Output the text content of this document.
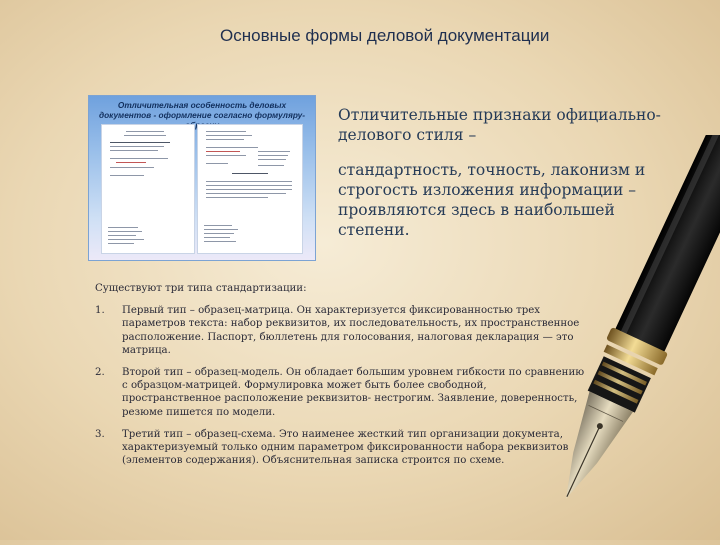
Основные формы деловой документации
Отличительная особенность деловых документов - оформление согласно формуляру- Отличительные признаки официально-делового стиля –
стандартность, точность, лаконизм и строгость изложения информации – проявляются здесь в наибольшей степени.
Существуют три типа стандартизации:
1. Первый тип – образец-матрица. Он характеризуется фиксированностью трех параметров текста: набор реквизитов, их последовательность, их пространственное расположение. Паспорт, бюллетень для голосования, налоговая декларация — это матрица.
2. Второй тип – образец-модель. Он обладает большим уровнем гибкости по сравнению с образцом-матрицей. Формулировка может быть более свободной, пространственное расположение реквизитов- нестрогим. Заявление, доверенность, резюме пишется по модели.
3. Третий тип – образец-схема. Это наименее жесткий тип организации документа, характеризуемый только одним параметром фиксированности набора реквизитов (элементов содержания). Объяснительная записка строится по схеме.
